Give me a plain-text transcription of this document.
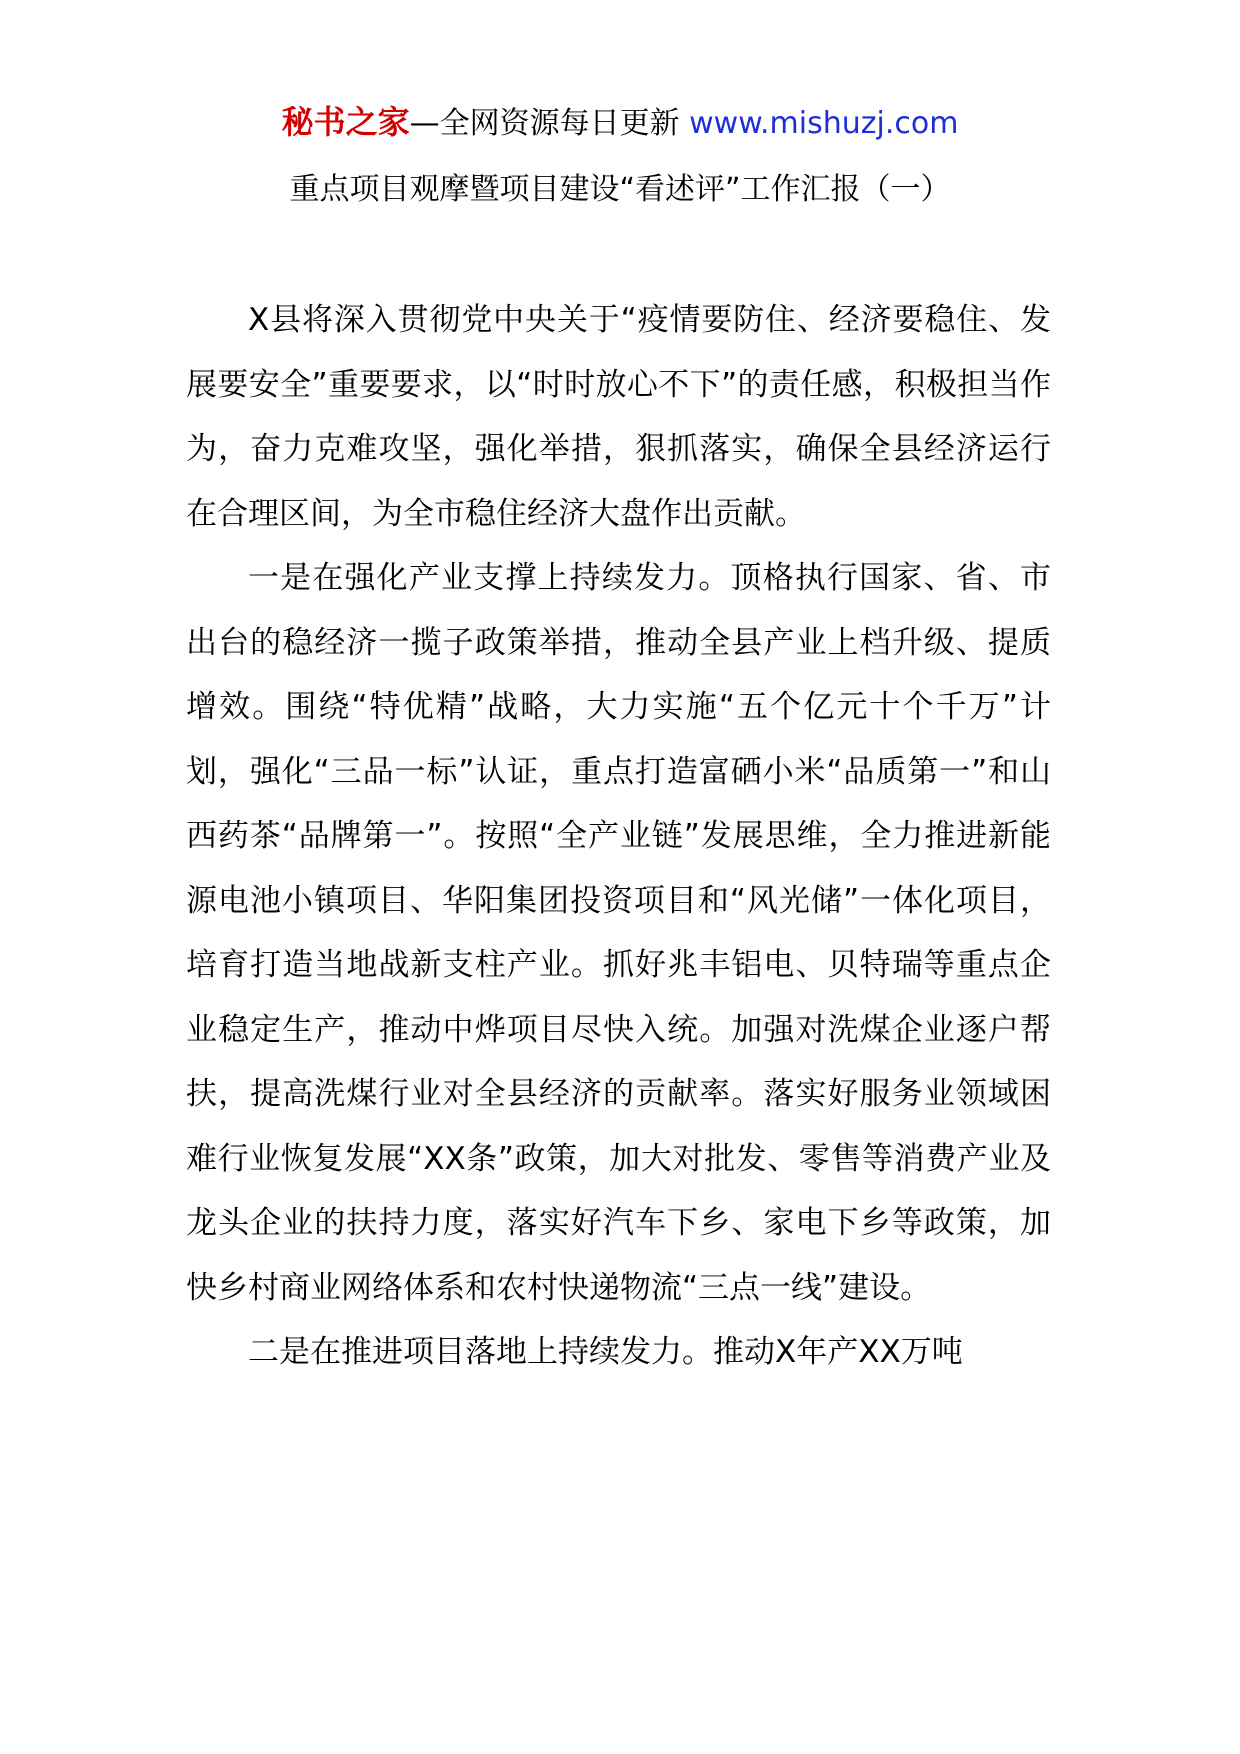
秘书之家—全网资源每日更新 www.mishuzj.com
重点项目观摩暨项目建设“看述评”工作汇报（一）

X县将深入贯彻党中央关于“疫情要防住、经济要稳住、发展要安全”重要要求，以“时时放心不下”的责任感，积极担当作为，奋力克难攻坚，强化举措，狠抓落实，确保全县经济运行在合理区间，为全市稳住经济大盘作出贡献。

一是在强化产业支撑上持续发力。顶格执行国家、省、市出台的稳经济一揽子政策举措，推动全县产业上档升级、提质增效。围绕“特优精”战略，大力实施“五个亿元十个千万”计划，强化“三品一标”认证，重点打造富硒小米“品质第一”和山西药茶“品牌第一”。按照“全产业链”发展思维，全力推进新能源电池小镇项目、华阳集团投资项目和“风光储”一体化项目，培育打造当地战新支柱产业。抓好兆丰铝电、贝特瑞等重点企业稳定生产，推动中烨项目尽快入统。加强对洗煤企业逐户帮扶，提高洗煤行业对全县经济的贡献率。落实好服务业领域困难行业恢复发展“XX条”政策，加大对批发、零售等消费产业及龙头企业的扶持力度，落实好汽车下乡、家电下乡等政策，加快乡村商业网络体系和农村快递物流“三点一线”建设。

二是在推进项目落地上持续发力。推动X年产XX万吨
